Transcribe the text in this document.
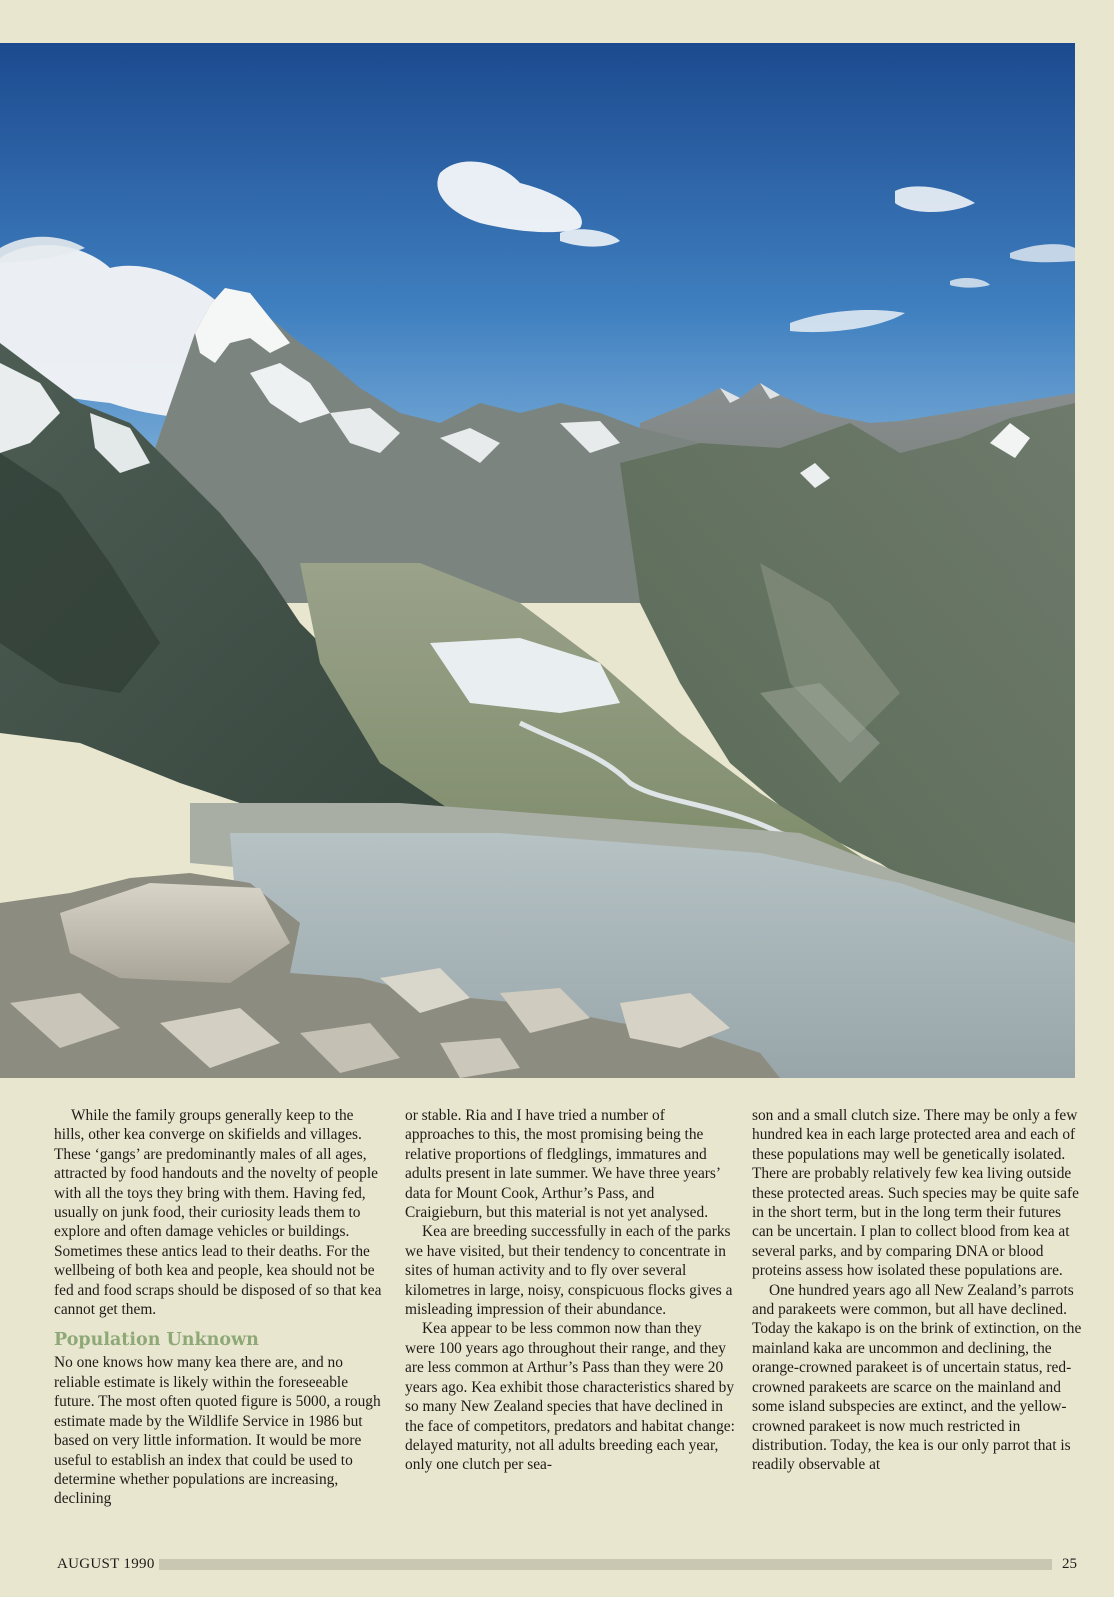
While the family groups generally keep to the hills, other kea converge on skifields and villages. These ‘gangs’ are predominantly males of all ages, attracted by food handouts and the novelty of people with all the toys they bring with them. Having fed, usually on junk food, their curiosity leads them to explore and often damage vehicles or buildings. Sometimes these antics lead to their deaths. For the wellbeing of both kea and people, kea should not be fed and food scraps should be disposed of so that kea cannot get them.

Population Unknown

No one knows how many kea there are, and no reliable estimate is likely within the foreseeable future. The most often quoted figure is 5000, a rough estimate made by the Wildlife Service in 1986 but based on very little information. It would be more useful to establish an index that could be used to determine whether populations are increasing, declining

or stable. Ria and I have tried a number of approaches to this, the most promising being the relative proportions of fledglings, immatures and adults present in late summer. We have three years’ data for Mount Cook, Arthur’s Pass, and Craigieburn, but this material is not yet analysed.

Kea are breeding successfully in each of the parks we have visited, but their tendency to concentrate in sites of human activity and to fly over several kilometres in large, noisy, conspicuous flocks gives a misleading impression of their abundance.

Kea appear to be less common now than they were 100 years ago throughout their range, and they are less common at Arthur’s Pass than they were 20 years ago. Kea exhibit those characteristics shared by so many New Zealand species that have declined in the face of competitors, predators and habitat change: delayed maturity, not all adults breeding each year, only one clutch per sea-

son and a small clutch size. There may be only a few hundred kea in each large protected area and each of these populations may well be genetically isolated. There are probably relatively few kea living outside these protected areas. Such species may be quite safe in the short term, but in the long term their futures can be uncertain. I plan to collect blood from kea at several parks, and by comparing DNA or blood proteins assess how isolated these populations are.

One hundred years ago all New Zealand’s parrots and parakeets were common, but all have declined. Today the kakapo is on the brink of extinction, on the mainland kaka are uncommon and declining, the orange-crowned parakeet is of uncertain status, red-crowned parakeets are scarce on the mainland and some island subspecies are extinct, and the yellow-crowned parakeet is now much restricted in distribution. Today, the kea is our only parrot that is readily observable at

AUGUST 1990	25
